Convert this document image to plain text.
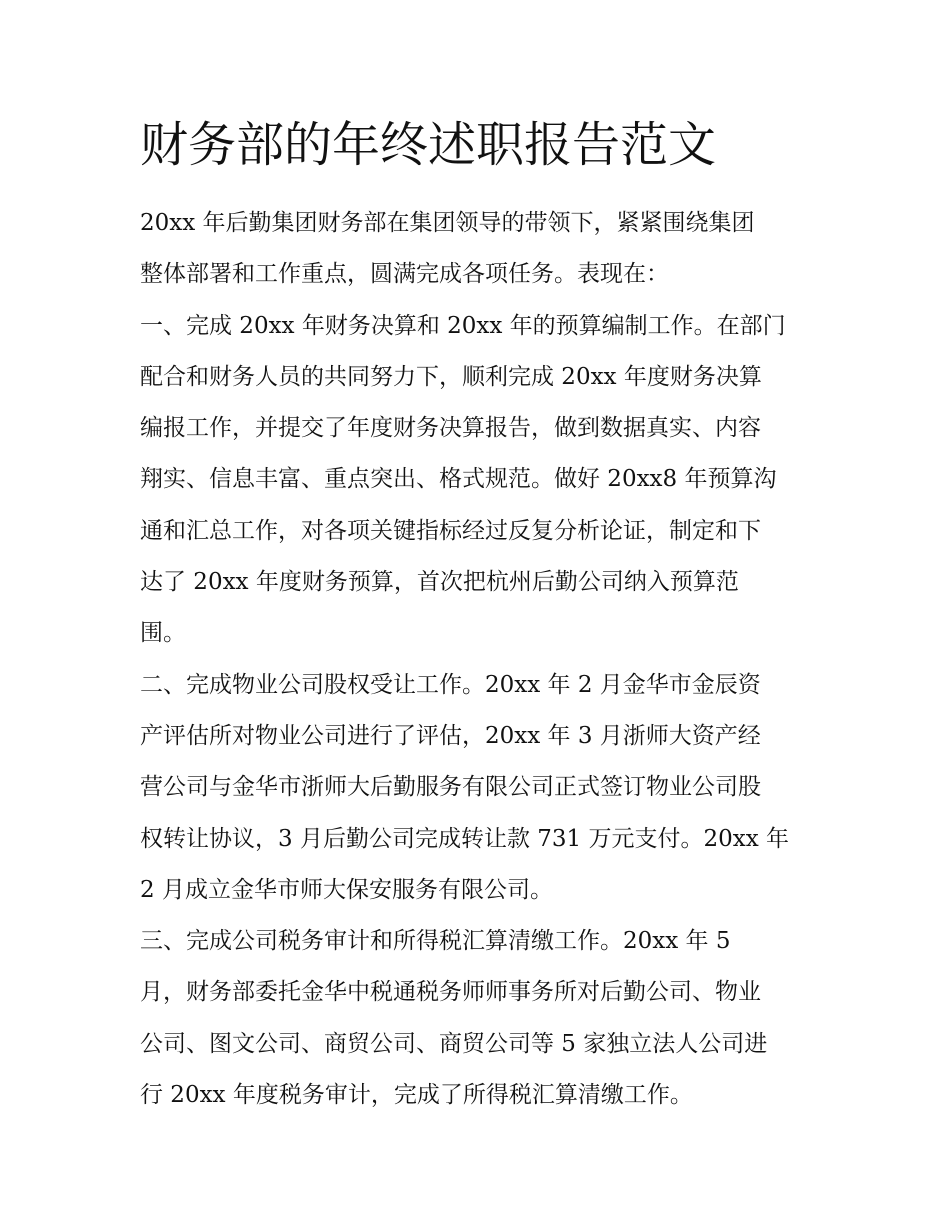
财务部的年终述职报告范文
20xx 年后勤集团财务部在集团领导的带领下，紧紧围绕集团
整体部署和工作重点，圆满完成各项任务。表现在：
一、完成 20xx 年财务决算和 20xx 年的预算编制工作。在部门
配合和财务人员的共同努力下，顺利完成 20xx 年度财务决算
编报工作，并提交了年度财务决算报告，做到数据真实、内容
翔实、信息丰富、重点突出、格式规范。做好 20xx8 年预算沟
通和汇总工作，对各项关键指标经过反复分析论证，制定和下
达了 20xx 年度财务预算，首次把杭州后勤公司纳入预算范
围。
二、完成物业公司股权受让工作。20xx 年 2 月金华市金辰资
产评估所对物业公司进行了评估，20xx 年 3 月浙师大资产经
营公司与金华市浙师大后勤服务有限公司正式签订物业公司股
权转让协议，3 月后勤公司完成转让款 731 万元支付。20xx 年
2 月成立金华市师大保安服务有限公司。
三、完成公司税务审计和所得税汇算清缴工作。20xx 年 5
月，财务部委托金华中税通税务师师事务所对后勤公司、物业
公司、图文公司、商贸公司、商贸公司等 5 家独立法人公司进
行 20xx 年度税务审计，完成了所得税汇算清缴工作。
